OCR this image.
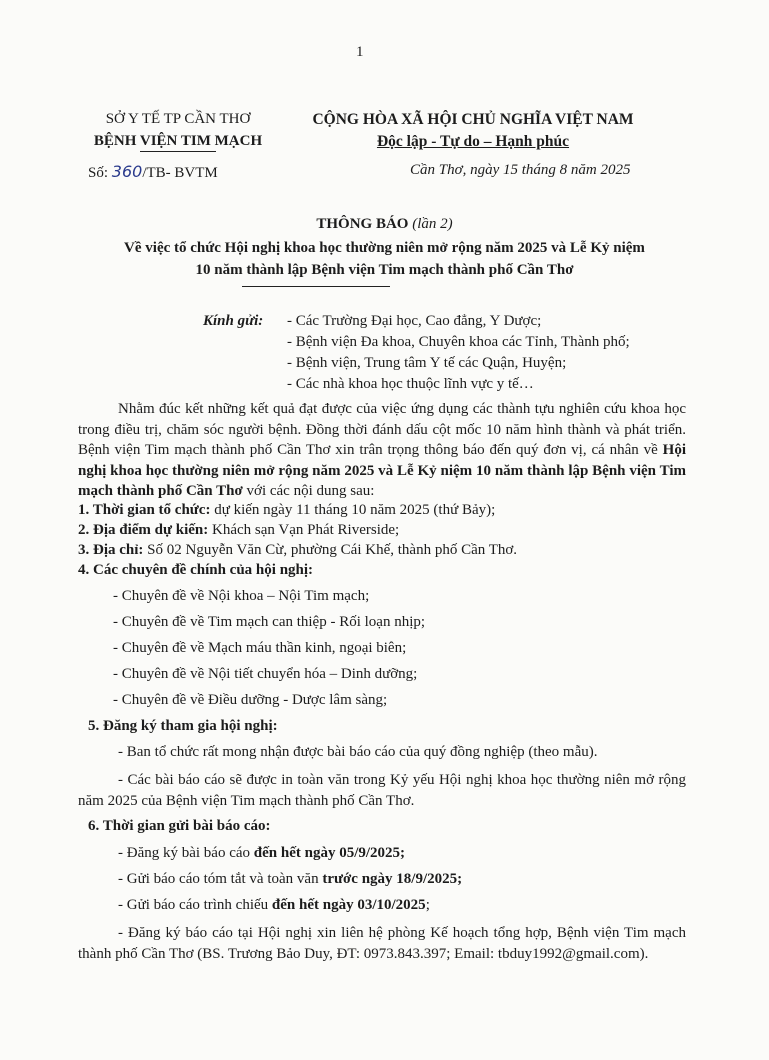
1
SỞ Y TẾ TP CẦN THƠ
BỆNH VIỆN TIM MẠCH
Số: 360/TB- BVTM
CỘNG HÒA XÃ HỘI CHỦ NGHĨA VIỆT NAM
Độc lập - Tự do – Hạnh phúc
Cần Thơ, ngày 15 tháng 8 năm 2025
THÔNG BÁO (lần 2)
Về việc tổ chức Hội nghị khoa học thường niên mở rộng năm 2025 và Lễ Kỷ niệm
10 năm thành lập Bệnh viện Tim mạch thành phố Cần Thơ
Kính gửi: - Các Trường Đại học, Cao đẳng, Y Dược;
- Bệnh viện Đa khoa, Chuyên khoa các Tỉnh, Thành phố;
- Bệnh viện, Trung tâm Y tế các Quận, Huyện;
- Các nhà khoa học thuộc lĩnh vực y tế…
Nhằm đúc kết những kết quả đạt được của việc ứng dụng các thành tựu nghiên cứu khoa học trong điều trị, chăm sóc người bệnh. Đồng thời đánh dấu cột mốc 10 năm hình thành và phát triển. Bệnh viện Tim mạch thành phố Cần Thơ xin trân trọng thông báo đến quý đơn vị, cá nhân về Hội nghị khoa học thường niên mở rộng năm 2025 và Lễ Kỷ niệm 10 năm thành lập Bệnh viện Tim mạch thành phố Cần Thơ với các nội dung sau:
1. Thời gian tổ chức: dự kiến ngày 11 tháng 10 năm 2025 (thứ Bảy);
2. Địa điểm dự kiến: Khách sạn Vạn Phát Riverside;
3. Địa chỉ: Số 02 Nguyễn Văn Cừ, phường Cái Khế, thành phố Cần Thơ.
4. Các chuyên đề chính của hội nghị:
- Chuyên đề về Nội khoa – Nội Tim mạch;
- Chuyên đề về Tim mạch can thiệp - Rối loạn nhịp;
- Chuyên đề về Mạch máu thần kinh, ngoại biên;
- Chuyên đề về Nội tiết chuyển hóa – Dinh dưỡng;
- Chuyên đề về Điều dưỡng - Dược lâm sàng;
5. Đăng ký tham gia hội nghị:
- Ban tổ chức rất mong nhận được bài báo cáo của quý đồng nghiệp (theo mẫu).
- Các bài báo cáo sẽ được in toàn văn trong Kỷ yếu Hội nghị khoa học thường niên mở rộng năm 2025 của Bệnh viện Tim mạch thành phố Cần Thơ.
6. Thời gian gửi bài báo cáo:
- Đăng ký bài báo cáo đến hết ngày 05/9/2025;
- Gửi báo cáo tóm tắt và toàn văn trước ngày 18/9/2025;
- Gửi báo cáo trình chiếu đến hết ngày 03/10/2025;
- Đăng ký báo cáo tại Hội nghị xin liên hệ phòng Kế hoạch tổng hợp, Bệnh viện Tim mạch thành phố Cần Thơ (BS. Trương Bảo Duy, ĐT: 0973.843.397; Email: tbduy1992@gmail.com).
